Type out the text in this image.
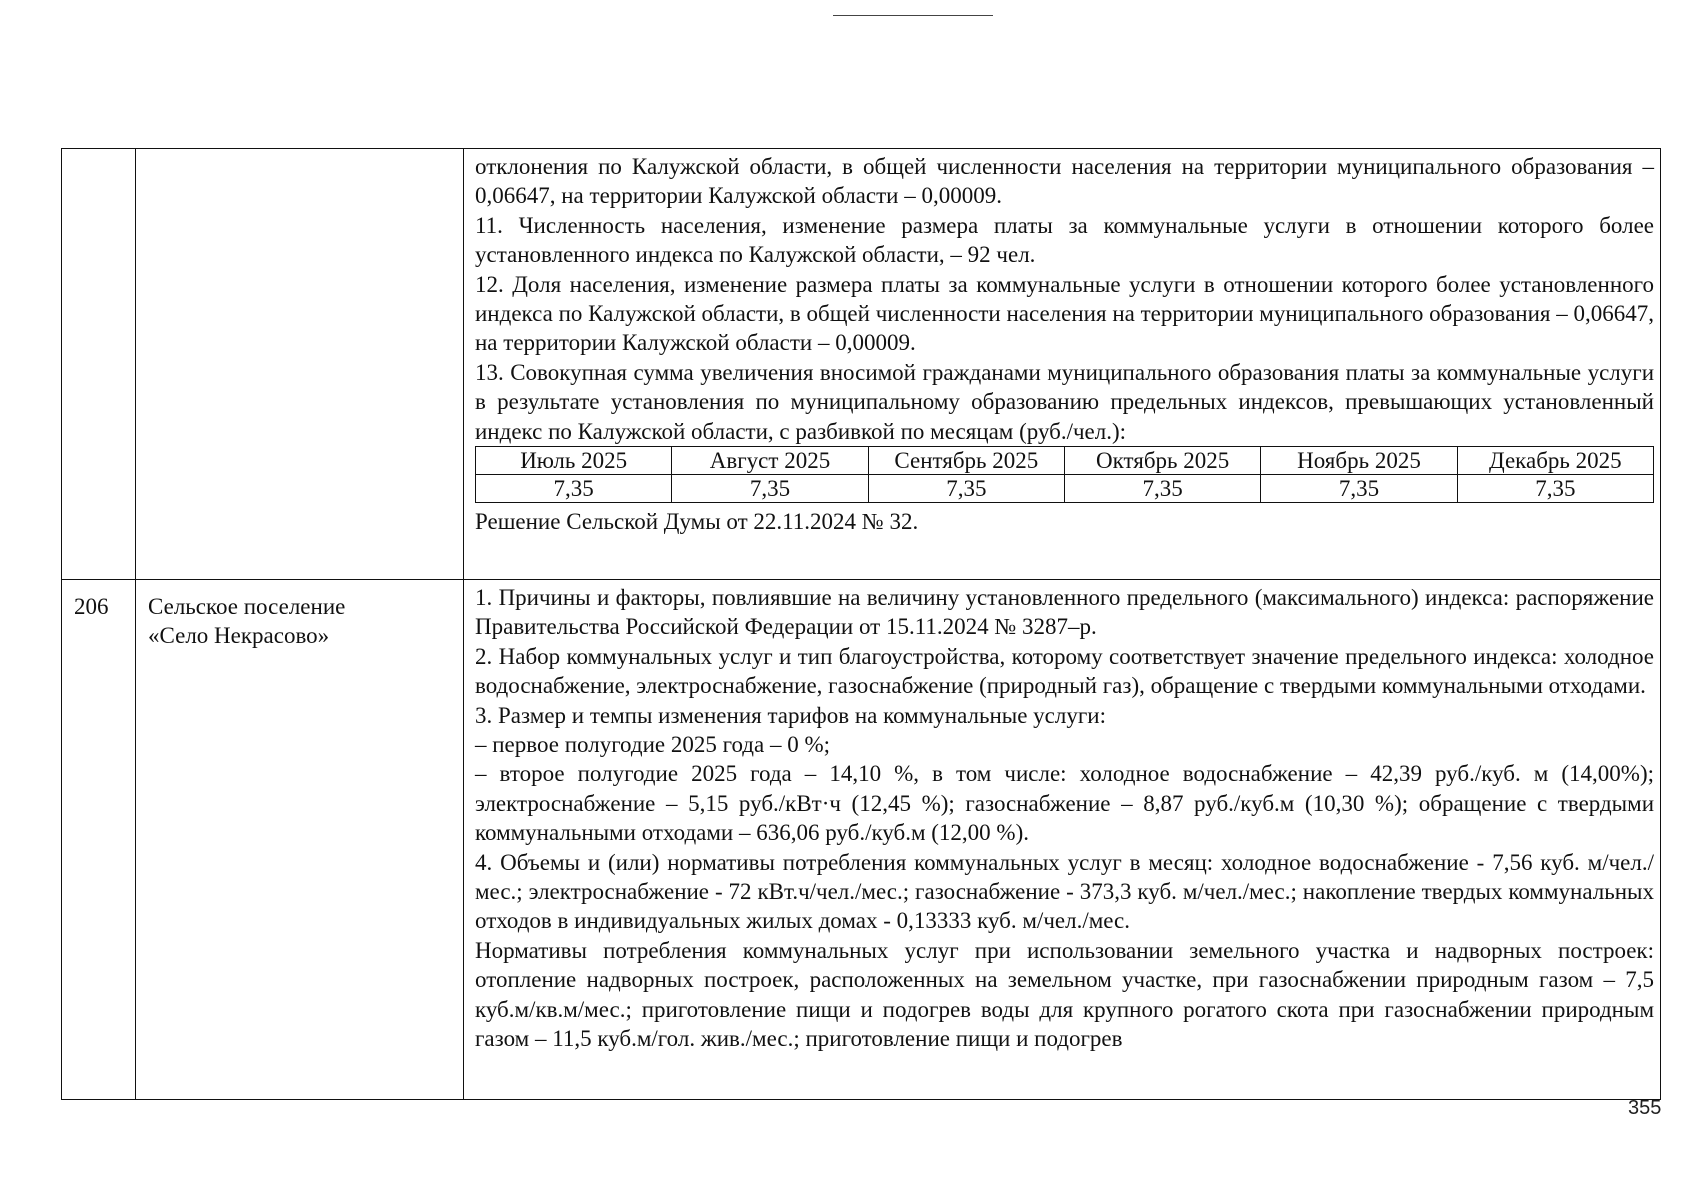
отклонения по Калужской области, в общей численности населения на территории муниципального образования – 0,06647, на территории Калужской области – 0,00009.

11. Численность населения, изменение размера платы за коммунальные услуги в отношении которого более установленного индекса по Калужской области, – 92 чел.

12. Доля населения, изменение размера платы за коммунальные услуги в отношении которого более установленного индекса по Калужской области, в общей численности населения на территории муниципального образования – 0,06647, на территории Калужской области – 0,00009.

13. Совокупная сумма увеличения вносимой гражданами муниципального образования платы за коммунальные услуги в результате установления по муниципальному образованию предельных индексов, превышающих установленный индекс по Калужской области, с разбивкой по месяцам (руб./чел.):

Июль 2025	Август 2025	Сентябрь 2025	Октябрь 2025	Ноябрь 2025	Декабрь 2025
7,35	7,35	7,35	7,35	7,35	7,35

Решение Сельской Думы от 22.11.2024 № 32.

206	Сельское поселение
«Село Некрасово»

1. Причины и факторы, повлиявшие на величину установленного предельного (максимального) индекса: распоряжение Правительства Российской Федерации от 15.11.2024 № 3287–р.

2. Набор коммунальных услуг и тип благоустройства, которому соответствует значение предельного индекса: холодное водоснабжение, электроснабжение, газоснабжение (природный газ), обращение с твердыми коммунальными отходами.

3. Размер и темпы изменения тарифов на коммунальные услуги:

– первое полугодие 2025 года – 0 %;

– второе полугодие 2025 года – 14,10 %, в том числе: холодное водоснабжение – 42,39 руб./куб. м (14,00%); электроснабжение – 5,15 руб./кВт·ч (12,45 %); газоснабжение – 8,87 руб./куб.м (10,30 %); обращение с твердыми коммунальными отходами – 636,06 руб./куб.м (12,00 %).

4. Объемы и (или) нормативы потребления коммунальных услуг в месяц: холодное водоснабжение - 7,56 куб. м/чел./мес.; электроснабжение - 72 кВт.ч/чел./мес.; газоснабжение - 373,3 куб. м/чел./мес.; накопление твердых коммунальных отходов в индивидуальных жилых домах - 0,13333 куб. м/чел./мес.

Нормативы потребления коммунальных услуг при использовании земельного участка и надворных построек: отопление надворных построек, расположенных на земельном участке, при газоснабжении природным газом – 7,5 куб.м/кв.м/мес.; приготовление пищи и подогрев воды для крупного рогатого скота при газоснабжении природным газом – 11,5 куб.м/гол. жив./мес.; приготовление пищи и подогрев

355
